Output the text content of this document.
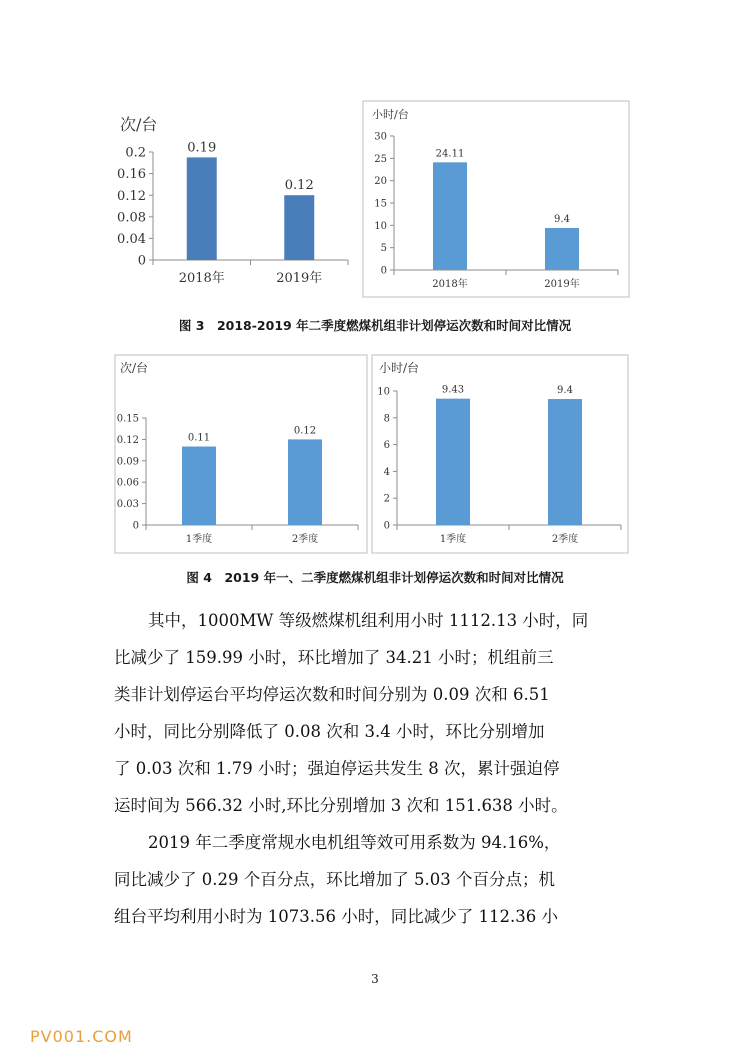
次/台
0
0.04
0.08
0.12
0.16
0.2	0.19
2018年
0.12
2019年
小时/台
0
5
10
15
20
25
30
24.11
2018年
9.4
2019年
图 3　2018-2019 年二季度燃煤机组非计划停运次数和时间对比情况
次/台
0
0.03
0.06
0.09
0.12
0.15
0.11
1季度
0.12
2季度
小时/台
0
2
4
6
8
10	9.43
1季度
9.4
2季度
图 4　2019 年一、二季度燃煤机组非计划停运次数和时间对比情况
其中，1000MW 等级燃煤机组利用小时 1112.13 小时，同
比减少了 159.99 小时，环比增加了 34.21 小时；机组前三
类非计划停运台平均停运次数和时间分别为 0.09 次和 6.51
小时，同比分别降低了 0.08 次和 3.4 小时，环比分别增加
了 0.03 次和 1.79 小时；强迫停运共发生 8 次，累计强迫停
运时间为 566.32 小时,环比分别增加 3 次和 151.638 小时。
2019 年二季度常规水电机组等效可用系数为 94.16%，
同比减少了 0.29 个百分点，环比增加了 5.03 个百分点；机
组台平均利用小时为 1073.56 小时，同比减少了 112.36 小
3
PV001.COM
